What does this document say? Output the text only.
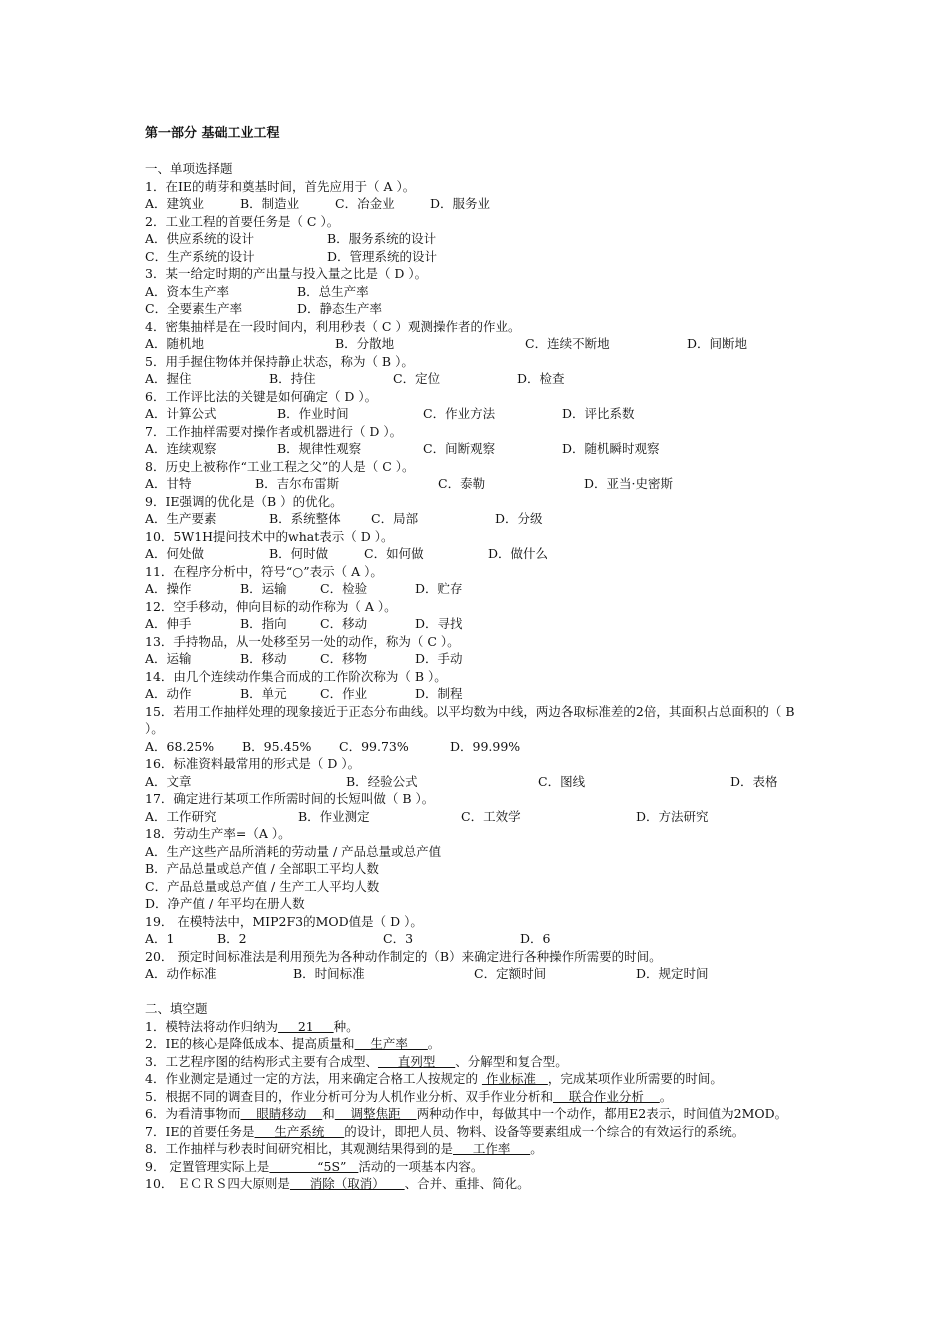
第一部分 基础工业工程
一、单项选择题
1．在IE的萌芽和奠基时间，首先应用于（ A ）。
A．建筑业	B．制造业	C．冶金业	D．服务业
2．工业工程的首要任务是（ C ）。
A．供应系统的设计	B．服务系统的设计
C．生产系统的设计	D．管理系统的设计
3．某一给定时期的产出量与投入量之比是（ D ）。
A．资本生产率	B．总生产率
C．全要素生产率	D．静态生产率
4．密集抽样是在一段时间内，利用秒表（ C ）观测操作者的作业。
A．随机地	B．分散地	C．连续不断地	D．间断地
5．用手握住物体并保持静止状态，称为（ B ）。
A．握住	B．持住	C．定位	D．检查
6．工作评比法的关键是如何确定（ D ）。
A．计算公式	B．作业时间	C．作业方法	D．评比系数
7．工作抽样需要对操作者或机器进行（ D ）。
A．连续观察	B．规律性观察	C．间断观察	D．随机瞬时观察
8．历史上被称作“工业工程之父”的人是（ C ）。
A．甘特	B．吉尔布雷斯	C．泰勒	D．亚当·史密斯
9．IE强调的优化是（B ）的优化。
A．生产要素	B．系统整体	C．局部	D．分级
10．5W1H提问技术中的what表示（ D ）。
A．何处做	B．何时做	C．如何做	D．做什么
11．在程序分析中，符号“○”表示（ A ）。
A．操作	B．运输	C．检验	D．贮存
12．空手移动，伸向目标的动作称为（ A ）。
A．伸手	B．指向	C．移动	D．寻找
13．手持物品，从一处移至另一处的动作，称为（ C ）。
A．运输	B．移动	C．移物	D．手动
14．由几个连续动作集合而成的工作阶次称为（ B ）。
A．动作	B．单元	C．作业	D．制程
15．若用工作抽样处理的现象接近于正态分布曲线。以平均数为中线，两边各取标准差的2倍，其面积占总面积的（ B ）。
A．68.25%	B．95.45%	C．99.73%	D．99.99%
16．标准资料最常用的形式是（ D ）。
A．文章	B．经验公式	C．图线	D．表格
17．确定进行某项工作所需时间的长短叫做（ B ）。
A．工作研究	B．作业测定	C．工效学	D．方法研究
18．劳动生产率=（A ）。
A．生产这些产品所消耗的劳动量 / 产品总量或总产值
B．产品总量或总产值 / 全部职工平均人数
C．产品总量或总产值 / 生产工人平均人数
D．净产值 / 年平均在册人数
19． 在模特法中，MIP2F3的MOD值是（ D ）。
A．1	B．2	C．3	D．6
20． 预定时间标准法是利用预先为各种动作制定的（B）来确定进行各种操作所需要的时间。
A．动作标准	B．时间标准	C．定额时间	D．规定时间
二、填空题
1．模特法将动作归纳为     21     种。
2．IE的核心是降低成本、提高质量和    生产率     。
3．工艺程序图的结构形式主要有合成型、     直列型     、分解型和复合型。
4．作业测定是通过一定的方法，用来确定合格工人按规定的  作业标准   ，完成某项作业所需要的时间。
5．根据不同的调查目的，作业分析可分为人机作业分析、双手作业分析和    联合作业分析    。
6．为看清事物而    眼睛移动    和    调整焦距    两种动作中，每做其中一个动作，都用E2表示，时间值为2MOD。
7．IE的首要任务是     生产系统     的设计，即把人员、物料、设备等要素组成一个综合的有效运行的系统。
8．工作抽样与秒表时间研究相比，其观测结果得到的是     工作率     。
9． 定置管理实际上是            “5S”   活动的一项基本内容。
10． ＥＣＲＳ四大原则是     消除（取消）     、合并、重排、简化。
